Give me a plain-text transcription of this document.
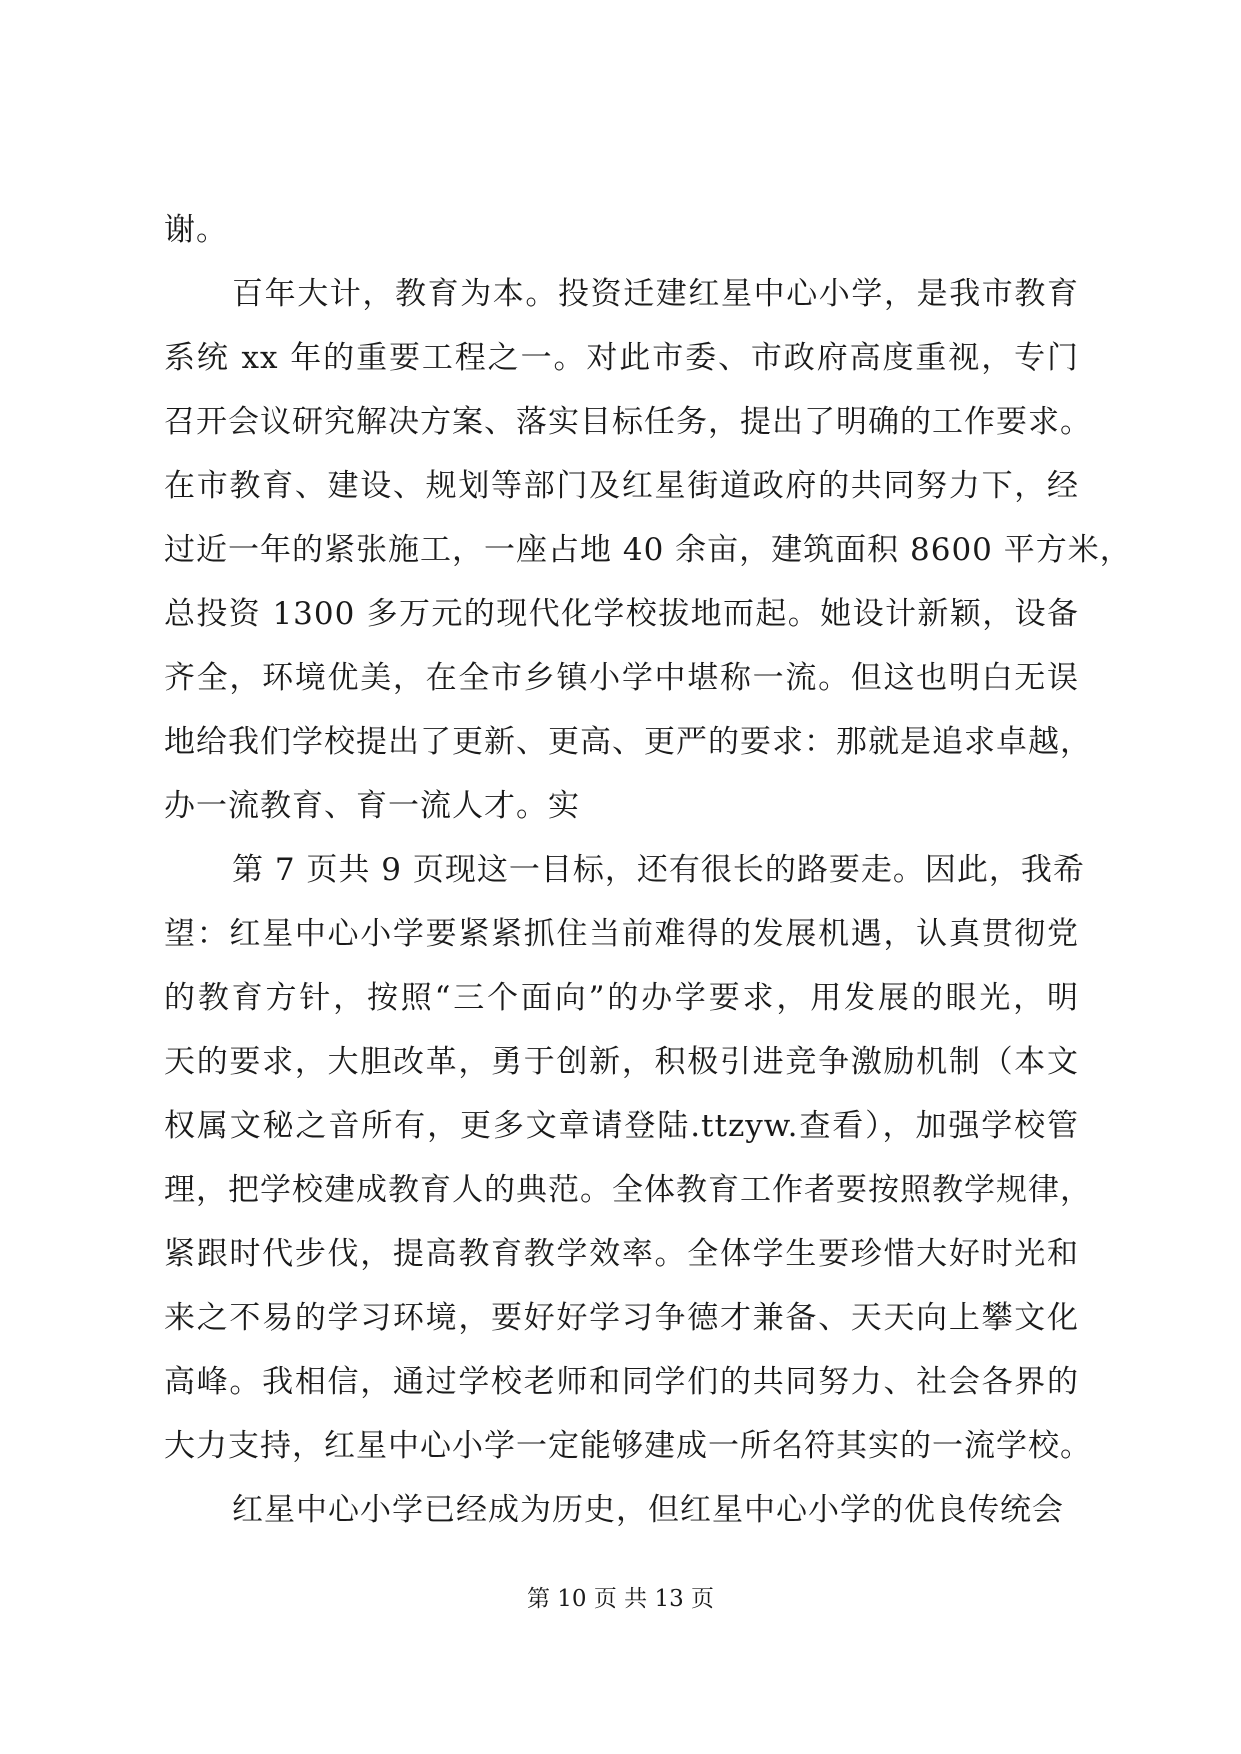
谢。
百年大计，教育为本。投资迁建红星中心小学，是我市教育
系统 xx 年的重要工程之一。对此市委、市政府高度重视，专门
召开会议研究解决方案、落实目标任务，提出了明确的工作要求。
在市教育、建设、规划等部门及红星街道政府的共同努力下，经
过近一年的紧张施工，一座占地 40 余亩，建筑面积 8600 平方米，
总投资 1300 多万元的现代化学校拔地而起。她设计新颖，设备
齐全，环境优美，在全市乡镇小学中堪称一流。但这也明白无误
地给我们学校提出了更新、更高、更严的要求：那就是追求卓越，
办一流教育、育一流人才。实
第 7 页共 9 页现这一目标，还有很长的路要走。因此，我希
望：红星中心小学要紧紧抓住当前难得的发展机遇，认真贯彻党
的教育方针，按照“三个面向”的办学要求，用发展的眼光，明
天的要求，大胆改革，勇于创新，积极引进竞争激励机制（本文
权属文秘之音所有，更多文章请登陆.ttzyw.查看），加强学校管
理，把学校建成教育人的典范。全体教育工作者要按照教学规律，
紧跟时代步伐，提高教育教学效率。全体学生要珍惜大好时光和
来之不易的学习环境，要好好学习争德才兼备、天天向上攀文化
高峰。我相信，通过学校老师和同学们的共同努力、社会各界的
大力支持，红星中心小学一定能够建成一所名符其实的一流学校。
红星中心小学已经成为历史，但红星中心小学的优良传统会
第 10 页 共 13 页
